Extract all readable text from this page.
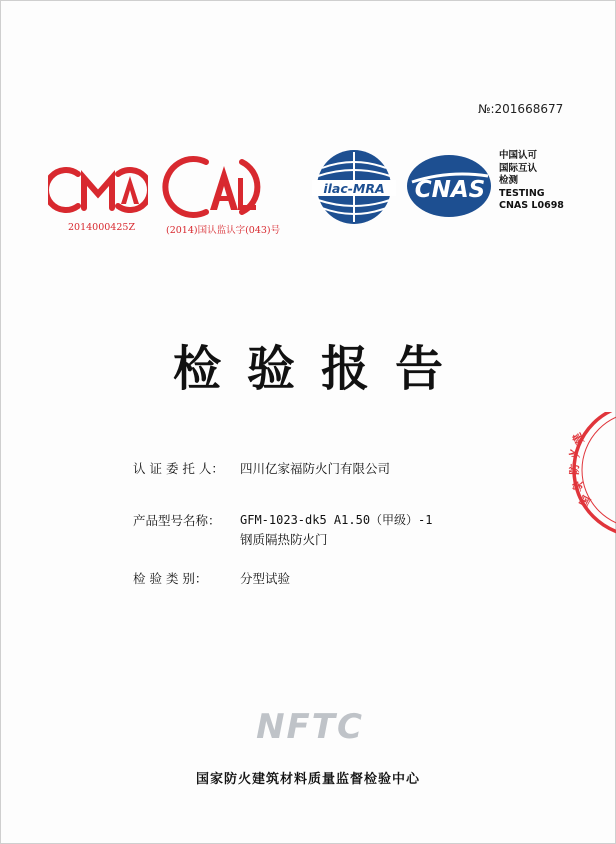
№:201668677
2014000425Z	(2014)国认监认字(043)号
ilac-MRA CNAS
中国认可
国际互认
检测
TESTING
CNAS L0698
检验报告
认 证 委 托 人： 四川亿家福防火门有限公司
产品型号名称： GFM-1023-dk5 A1.50（甲级）-1
钢质隔热防火门
检 验 类 别：	分型试验
NFTC
国家防火建筑材料质量监督检验中心
国
家
防
火
建
